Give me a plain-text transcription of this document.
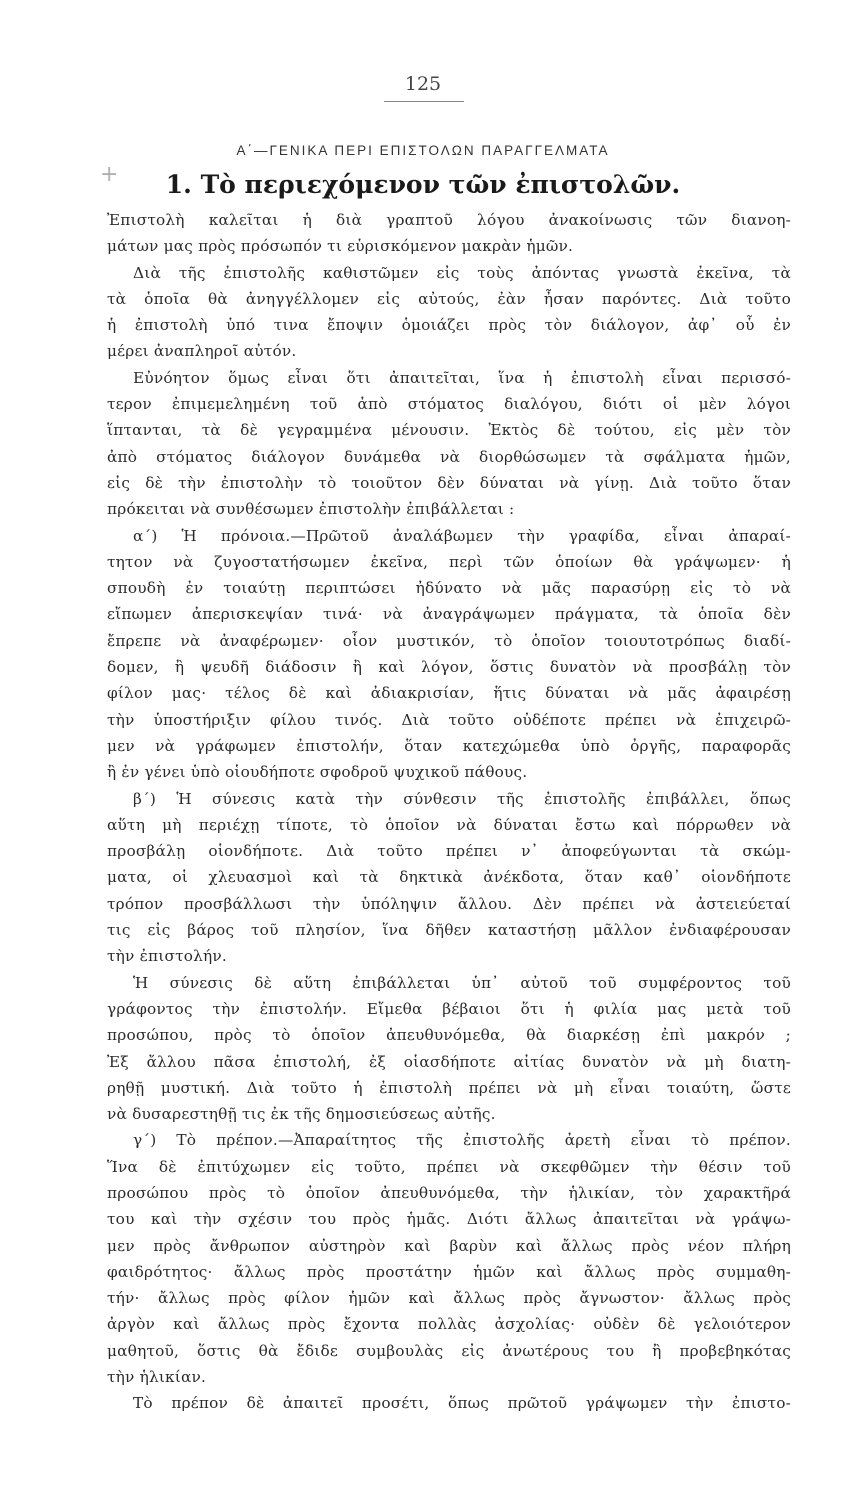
125
+
Α΄—ΓΕΝΙΚΑ ΠΕΡΙ ΕΠΙΣΤΟΛΩΝ ΠΑΡΑΓΓΕΛΜΑΤΑ
1. Τὸ περιεχόμενον τῶν ἐπιστολῶν.
Ἐπιστολὴ καλεῖται ἡ διὰ γραπτοῦ λόγου ἀνακοίνωσις τῶν διανοη-
μάτων μας πρὸς πρόσωπόν τι εὑρισκόμενον μακρὰν ἡμῶν.
Διὰ τῆς ἐπιστολῆς καθιστῶμεν εἰς τοὺς ἀπόντας γνωστὰ ἐκεῖνα, τὰ
τὰ ὁποῖα θὰ ἀνηγγέλλομεν εἰς αὐτούς, ἐὰν ἦσαν παρόντες. Διὰ τοῦτο
ἡ ἐπιστολὴ ὑπό τινα ἔποψιν ὁμοιάζει πρὸς τὸν διάλογον, ἀφ᾽ οὗ ἐν
μέρει ἀναπληροῖ αὐτόν.
Εὐνόητον ὅμως εἶναι ὅτι ἀπαιτεῖται, ἵνα ἡ ἐπιστολὴ εἶναι περισσό-
τερον ἐπιμεμελημένη τοῦ ἀπὸ στόματος διαλόγου, διότι οἱ μὲν λόγοι
ἵπτανται, τὰ δὲ γεγραμμένα μένουσιν. Ἐκτὸς δὲ τούτου, εἰς μὲν τὸν
ἀπὸ στόματος διάλογον δυνάμεθα νὰ διορθώσωμεν τὰ σφάλματα ἡμῶν,
εἰς δὲ τὴν ἐπιστολὴν τὸ τοιοῦτον δὲν δύναται νὰ γίνῃ. Διὰ τοῦτο ὅταν
πρόκειται νὰ συνθέσωμεν ἐπιστολὴν ἐπιβάλλεται :
α΄) Ἡ πρόνοια.—Πρῶτοῦ ἀναλάβωμεν τὴν γραφίδα, εἶναι ἀπαραί-
τητον νὰ ζυγοστατήσωμεν ἐκεῖνα, περὶ τῶν ὁποίων θὰ γράψωμεν· ἡ
σπουδὴ ἐν τοιαύτῃ περιπτώσει ἠδύνατο νὰ μᾶς παρασύρῃ εἰς τὸ νὰ
εἴπωμεν ἀπερισκεψίαν τινά· νὰ ἀναγράψωμεν πράγματα, τὰ ὁποῖα δὲν
ἔπρεπε νὰ ἀναφέρωμεν· οἷον μυστικόν, τὸ ὁποῖον τοιουτοτρόπως διαδί-
δομεν, ἢ ψευδῆ διάδοσιν ἢ καὶ λόγον, ὅστις δυνατὸν νὰ προσβάλῃ τὸν
φίλον μας· τέλος δὲ καὶ ἀδιακρισίαν, ἥτις δύναται νὰ μᾶς ἀφαιρέσῃ
τὴν ὑποστήριξιν φίλου τινός. Διὰ τοῦτο οὐδέποτε πρέπει νὰ ἐπιχειρῶ-
μεν νὰ γράφωμεν ἐπιστολήν, ὅταν κατεχώμεθα ὑπὸ ὀργῆς, παραφορᾶς
ἢ ἐν γένει ὑπὸ οἱουδήποτε σφοδροῦ ψυχικοῦ πάθους.
β΄) Ἡ σύνεσις κατὰ τὴν σύνθεσιν τῆς ἐπιστολῆς ἐπιβάλλει, ὅπως
αὕτη μὴ περιέχῃ τίποτε, τὸ ὁποῖον νὰ δύναται ἔστω καὶ πόρρωθεν νὰ
προσβάλῃ οἱονδήποτε. Διὰ τοῦτο πρέπει ν᾽ ἀποφεύγωνται τὰ σκώμ-
ματα, οἱ χλευασμοὶ καὶ τὰ δηκτικὰ ἀνέκδοτα, ὅταν καθ᾽ οἱονδήποτε
τρόπον προσβάλλωσι τὴν ὑπόληψιν ἄλλου. Δὲν πρέπει νὰ ἀστειεύεταί
τις εἰς βάρος τοῦ πλησίον, ἵνα δῆθεν καταστήσῃ μᾶλλον ἐνδιαφέρουσαν
τὴν ἐπιστολήν.
Ἡ σύνεσις δὲ αὕτη ἐπιβάλλεται ὑπ᾽ αὐτοῦ τοῦ συμφέροντος τοῦ
γράφοντος τὴν ἐπιστολήν. Εἴμεθα βέβαιοι ὅτι ἡ φιλία μας μετὰ τοῦ
προσώπου, πρὸς τὸ ὁποῖον ἀπευθυνόμεθα, θὰ διαρκέσῃ ἐπὶ μακρόν ;
Ἐξ ἄλλου πᾶσα ἐπιστολή, ἐξ οἱασδήποτε αἰτίας δυνατὸν νὰ μὴ διατη-
ρηθῇ μυστική. Διὰ τοῦτο ἡ ἐπιστολὴ πρέπει νὰ μὴ εἶναι τοιαύτη, ὥστε
νὰ δυσαρεστηθῇ τις ἐκ τῆς δημοσιεύσεως αὐτῆς.
γ΄) Τὸ πρέπον.—Ἀπαραίτητος τῆς ἐπιστολῆς ἀρετὴ εἶναι τὸ πρέπον.
Ἵνα δὲ ἐπιτύχωμεν εἰς τοῦτο, πρέπει νὰ σκεφθῶμεν τὴν θέσιν τοῦ
προσώπου πρὸς τὸ ὁποῖον ἀπευθυνόμεθα, τὴν ἡλικίαν, τὸν χαρακτῆρά
του καὶ τὴν σχέσιν του πρὸς ἡμᾶς. Διότι ἄλλως ἀπαιτεῖται νὰ γράψω-
μεν πρὸς ἄνθρωπον αὐστηρὸν καὶ βαρὺν καὶ ἄλλως πρὸς νέον πλήρη
φαιδρότητος· ἄλλως πρὸς προστάτην ἡμῶν καὶ ἄλλως πρὸς συμμαθη-
τήν· ἄλλως πρὸς φίλον ἡμῶν καὶ ἄλλως πρὸς ἄγνωστον· ἄλλως πρὸς
ἀργὸν καὶ ἄλλως πρὸς ἔχοντα πολλὰς ἀσχολίας· οὐδὲν δὲ γελοιότερον
μαθητοῦ, ὅστις θὰ ἔδιδε συμβουλὰς εἰς ἀνωτέρους του ἢ προβεβηκότας
τὴν ἡλικίαν.
Τὸ πρέπον δὲ ἀπαιτεῖ προσέτι, ὅπως πρῶτοῦ γράψωμεν τὴν ἐπιστο-
